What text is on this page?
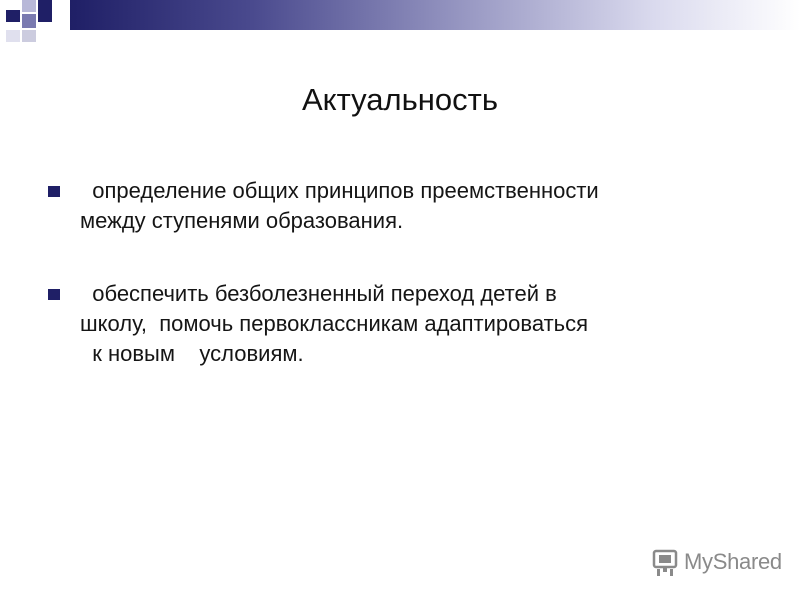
Актуальность
определение общих принципов преемственности
между ступенями образования.
обеспечить безболезненный переход детей в
школу,  помочь первоклассникам адаптироваться
к новым    условиям.
MyShared
